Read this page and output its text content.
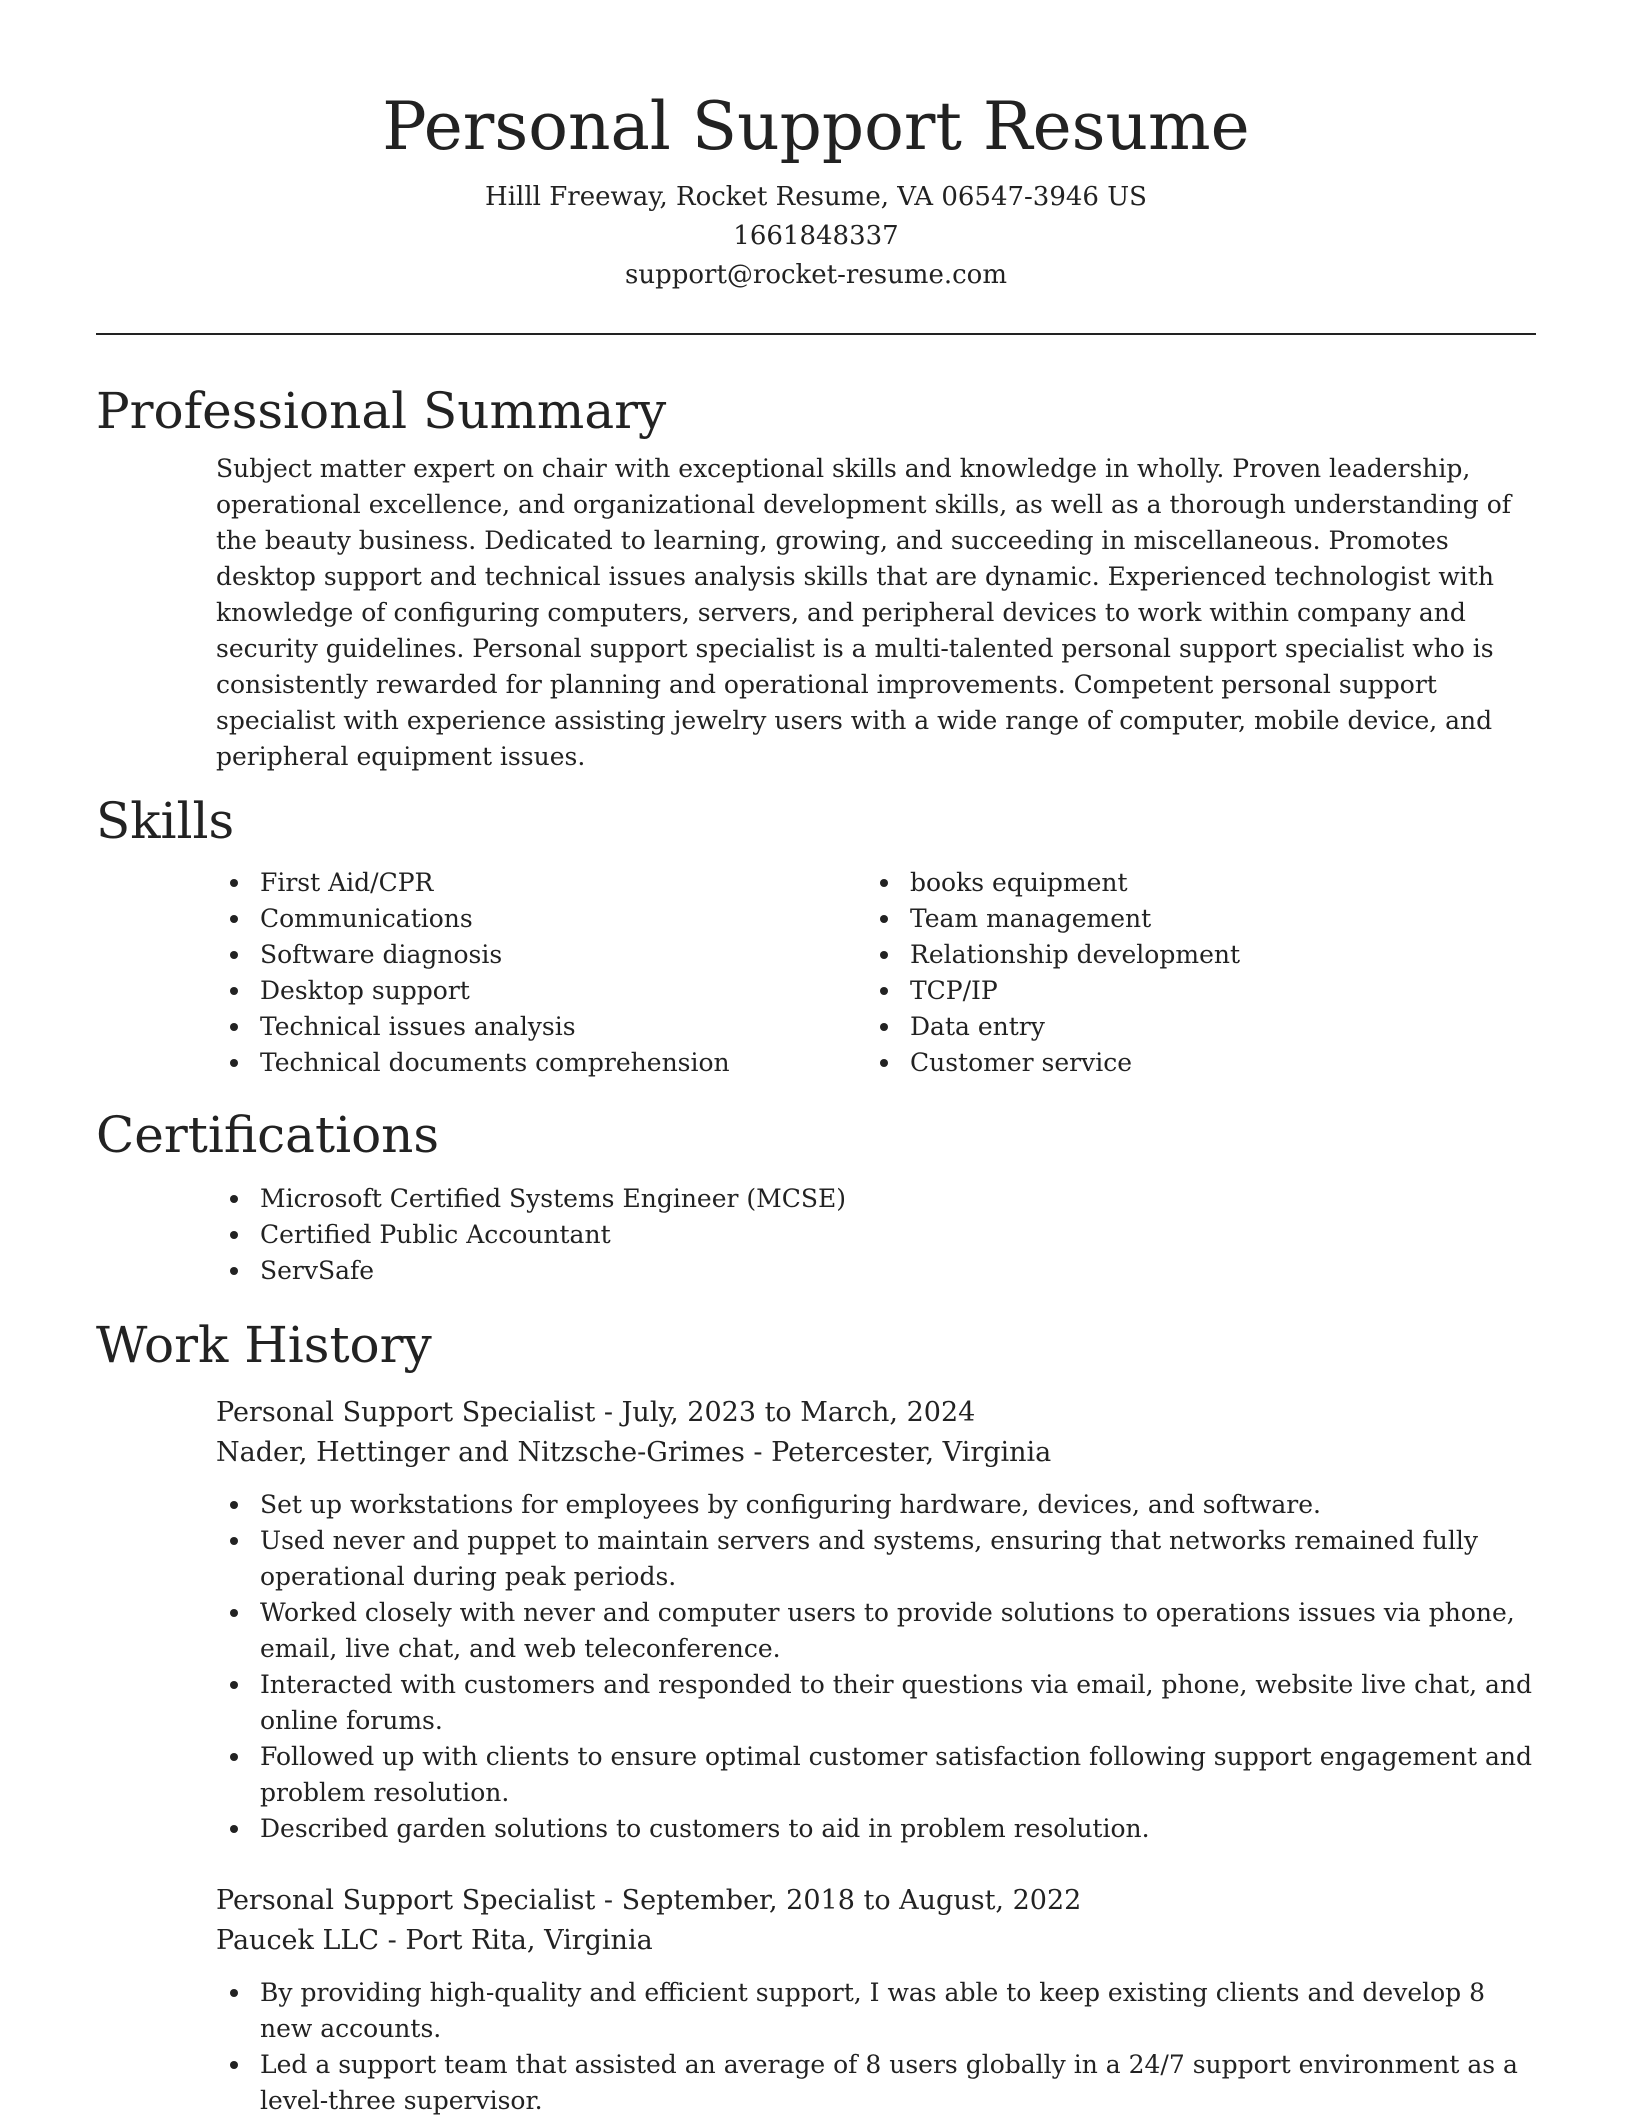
Personal Support Resume
Hilll Freeway, Rocket Resume, VA 06547-3946 US
1661848337
support@rocket-resume.com
Professional Summary

Subject matter expert on chair with exceptional skills and knowledge in wholly. Proven leadership, operational excellence, and organizational development skills, as well as a thorough understanding of the beauty business. Dedicated to learning, growing, and succeeding in miscellaneous. Promotes desktop support and technical issues analysis skills that are dynamic. Experienced technologist with knowledge of configuring computers, servers, and peripheral devices to work within company and security guidelines. Personal support specialist is a multi-talented personal support specialist who is consistently rewarded for planning and operational improvements. Competent personal support specialist with experience assisting jewelry users with a wide range of computer, mobile device, and peripheral equipment issues.

Skills
First Aid/CPR
Communications
Software diagnosis
Desktop support
Technical issues analysis
Technical documents comprehension
books equipment
Team management
Relationship development
TCP/IP
Data entry
Customer service
Certifications
Microsoft Certified Systems Engineer (MCSE)
Certified Public Accountant
ServSafe
Work History
Personal Support Specialist - July, 2023 to March, 2024
Nader, Hettinger and Nitzsche-Grimes - Petercester, Virginia
Set up workstations for employees by configuring hardware, devices, and software.
Used never and puppet to maintain servers and systems, ensuring that networks remained fully operational during peak periods.
Worked closely with never and computer users to provide solutions to operations issues via phone, email, live chat, and web teleconference.
Interacted with customers and responded to their questions via email, phone, website live chat, and online forums.
Followed up with clients to ensure optimal customer satisfaction following support engagement and problem resolution.
Described garden solutions to customers to aid in problem resolution.
Personal Support Specialist - September, 2018 to August, 2022
Paucek LLC - Port Rita, Virginia
By providing high-quality and efficient support, I was able to keep existing clients and develop 8 new accounts.
Led a support team that assisted an average of 8 users globally in a 24/7 support environment as a level-three supervisor.
